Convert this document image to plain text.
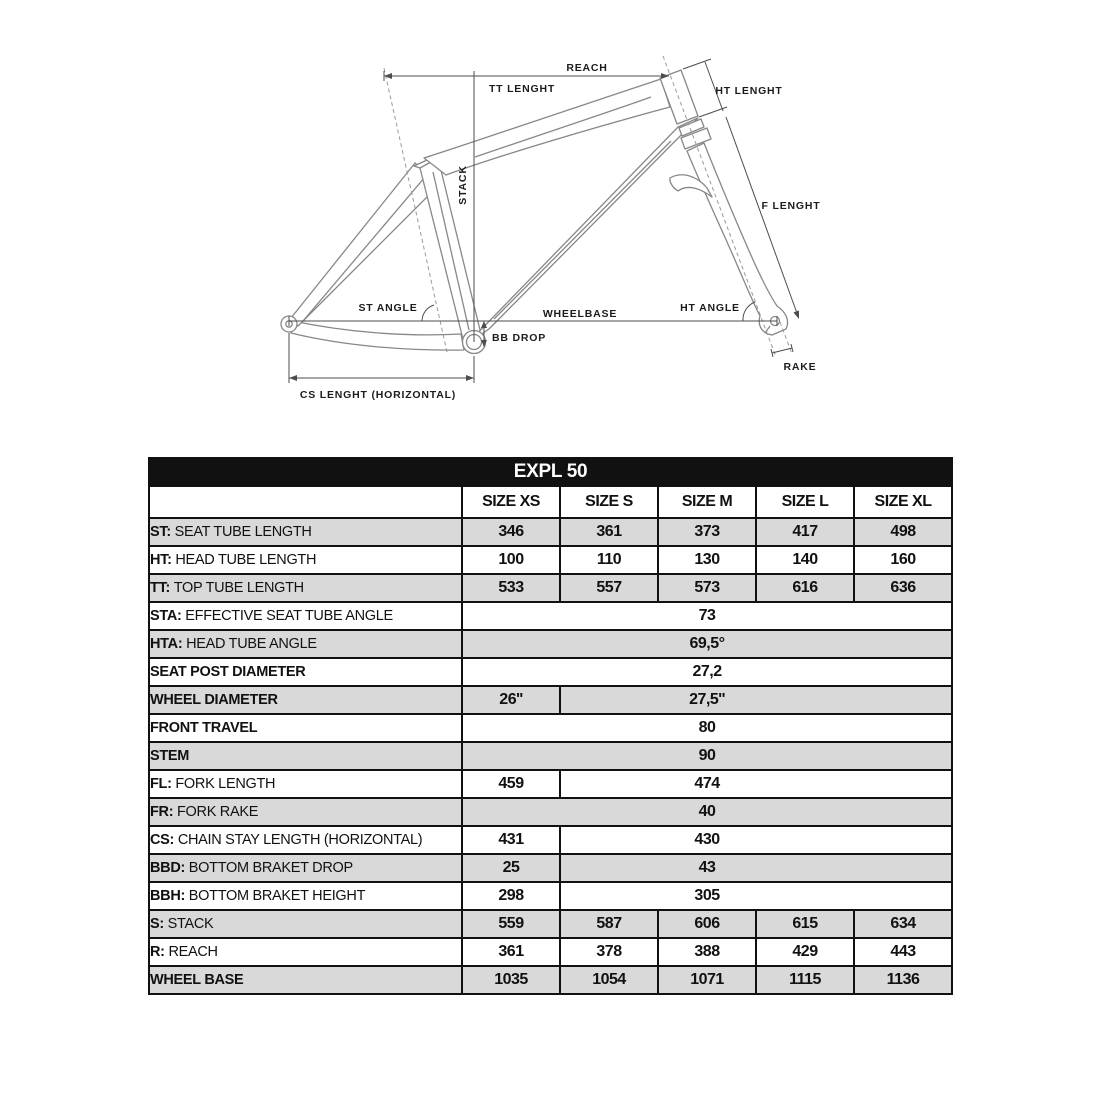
REACH
TT LENGHT	HT LENGHT
STACK
F LENGHT
ST ANGLE	WHEELBASE
BB DROP
HT ANGLE
RAKE
CS LENGHT (HORIZONTAL)
EXPL 50					
	SIZE XS	SIZE S	SIZE M	SIZE L	SIZE XL
ST: SEAT TUBE LENGTH	346	361	373	417	498
HT: HEAD TUBE LENGTH	100	110	130	140	160
TT: TOP TUBE LENGTH	533	557	573	616	636
STA: EFFECTIVE SEAT TUBE ANGLE	73				
HTA: HEAD TUBE ANGLE	69,5°				
SEAT POST DIAMETER	27,2				
WHEEL DIAMETER	26''	27,5''			
FRONT TRAVEL	80				
STEM	90				
FL: FORK LENGTH	459	474			
FR: FORK RAKE	40				
CS: CHAIN STAY LENGTH (HORIZONTAL)	431	430			
BBD: BOTTOM BRAKET DROP	25	43			
BBH: BOTTOM BRAKET HEIGHT	298	305			
S: STACK	559	587	606	615	634
R: REACH	361	378	388	429	443
WHEEL BASE	1035	1054	1071	1115	1136
